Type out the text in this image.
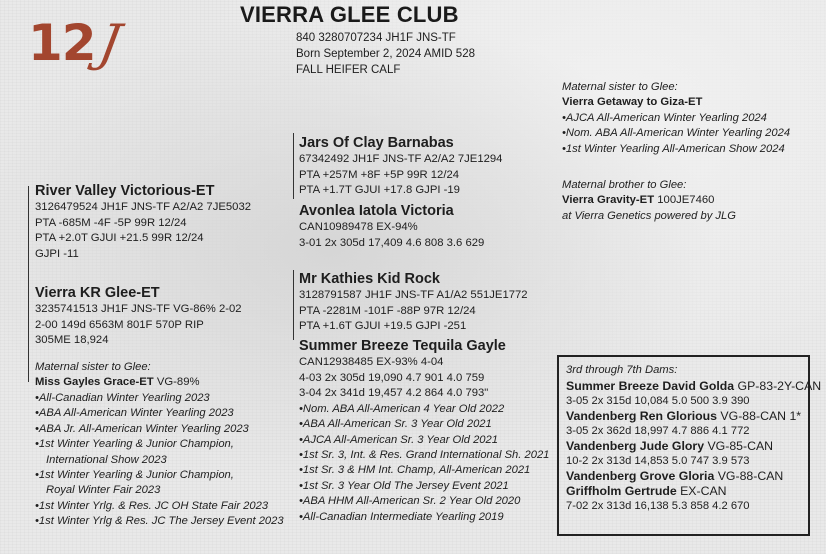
12
J	VIERRA GLEE CLUB
840 3280707234 JH1F JNS-TF
Born September 2, 2024 AMID 528
FALL HEIFER CALF
River Valley Victorious-ET
3126479524 JH1F JNS-TF A2/A2 7JE5032
PTA -685M -4F -5P 99R 12/24
PTA +2.0T GJUI +21.5 99R 12/24
GJPI -11
Vierra KR Glee-ET
3235741513 JH1F JNS-TF VG-86% 2-02
2-00 149d 6563M 801F 570P RIP
305ME 18,924
Maternal sister to Glee:
Miss Gayles Grace-ET VG-89%
•All-Canadian Winter Yearling 2023
•ABA All-American Winter Yearling 2023
•ABA Jr. All-American Winter Yearling 2023
•1st Winter Yearling & Junior Champion,
International Show 2023
•1st Winter Yearling & Junior Champion,
Royal Winter Fair 2023
•1st Winter Yrlg. & Res. JC OH State Fair 2023
•1st Winter Yrlg & Res. JC The Jersey Event 2023
Jars Of Clay Barnabas
67342492 JH1F JNS-TF A2/A2 7JE1294
PTA +257M +8F +5P 99R 12/24
PTA +1.7T GJUI +17.8 GJPI -19
Avonlea Iatola Victoria
CAN10989478 EX-94%
3-01 2x 305d 17,409 4.6 808 3.6 629
Mr Kathies Kid Rock
3128791587 JH1F JNS-TF A1/A2 551JE1772
PTA -2281M -101F -88P 97R 12/24
PTA +1.6T GJUI +19.5 GJPI -251
Summer Breeze Tequila Gayle
CAN12938485 EX-93% 4-04
4-03 2x 305d 19,090 4.7 901 4.0 759
3-04 2x 341d 19,457 4.2 864 4.0 793"
•Nom. ABA All-American 4 Year Old 2022
•ABA All-American Sr. 3 Year Old 2021
•AJCA All-American Sr. 3 Year Old 2021
•1st Sr. 3, Int. & Res. Grand International Sh. 2021
•1st Sr. 3 & HM Int. Champ, All-American 2021
•1st Sr. 3 Year Old The Jersey Event 2021
•ABA HHM All-American Sr. 2 Year Old 2020
•All-Canadian Intermediate Yearling 2019
Maternal sister to Glee:
Vierra Getaway to Giza-ET
•AJCA All-American Winter Yearling 2024
•Nom. ABA All-American Winter Yearling 2024
•1st Winter Yearling All-American Show 2024
Maternal brother to Glee:
Vierra Gravity-ET 100JE7460
at Vierra Genetics powered by JLG
3rd through 7th Dams:
Summer Breeze David Golda GP-83-2Y-CAN
3-05 2x 315d 10,084 5.0 500 3.9 390
Vandenberg Ren Glorious VG-88-CAN 1*
3-05 2x 362d 18,997 4.7 886 4.1 772
Vandenberg Jude Glory VG-85-CAN
10-2 2x 313d 14,853 5.0 747 3.9 573
Vandenberg Grove Gloria VG-88-CAN
Griffholm Gertrude EX-CAN
7-02 2x 313d 16,138 5.3 858 4.2 670
